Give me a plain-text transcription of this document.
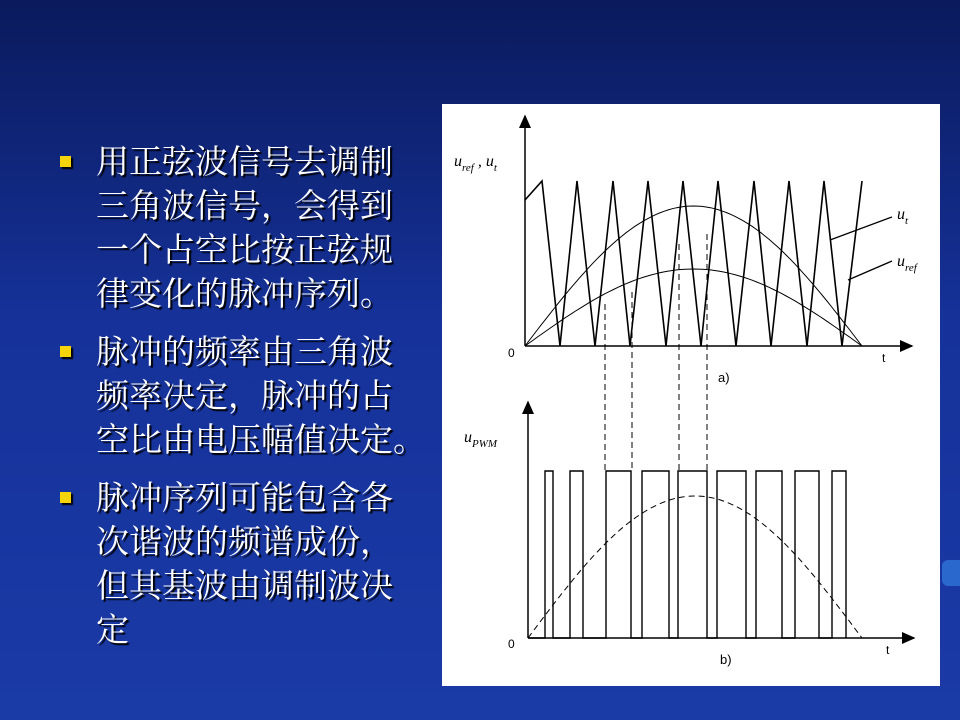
用正弦波信号去调制
三角波信号，会得到
一个占空比按正弦规
律变化的脉冲序列。
脉冲的频率由三角波
频率决定，脉冲的占
空比由电压幅值决定。
脉冲序列可能包含各
次谐波的频谱成份，
但其基波由调制波决
定
$u_{ref}$ , $u_t$
$u_t$
$u_{ref}$
0	t
a)
$u_{PWM}$
0	t
b)
